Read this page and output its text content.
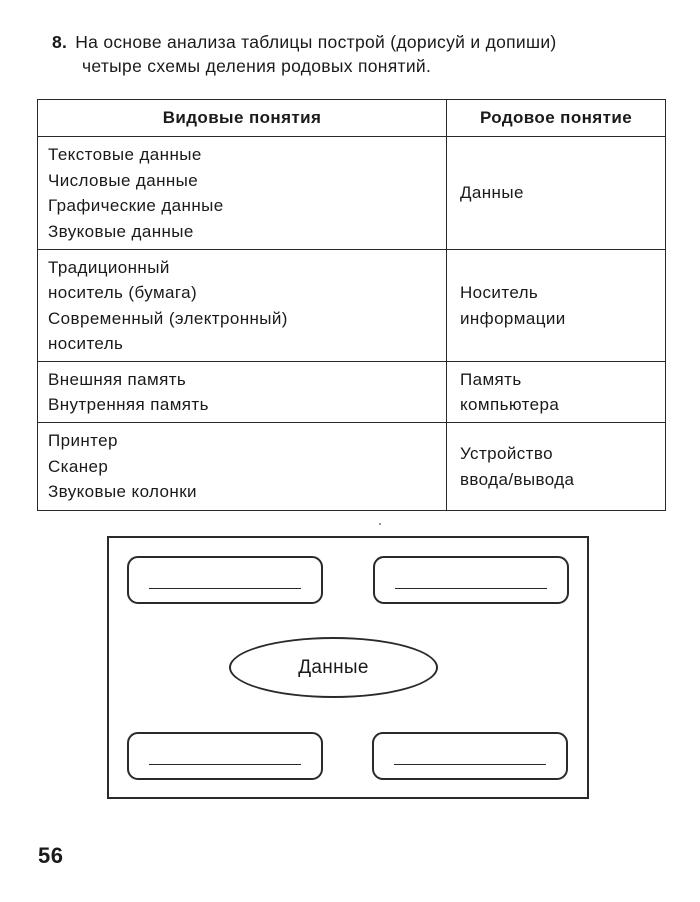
8. На основе анализа таблицы построй (дорисуй и допиши)
четыре схемы деления родовых понятий.
Видовые понятия	Родовое понятие

Текстовые данные
Числовые данные
Графические данные
Звуковые данные	Данные

Традиционный
носитель (бумага)
Современный (электронный)
носитель	Носитель
информации

Внешняя память
Внутренняя память	Память
компьютера

Принтер
Сканер
Звуковые колонки	Устройство
ввода/вывода
Данные
56
